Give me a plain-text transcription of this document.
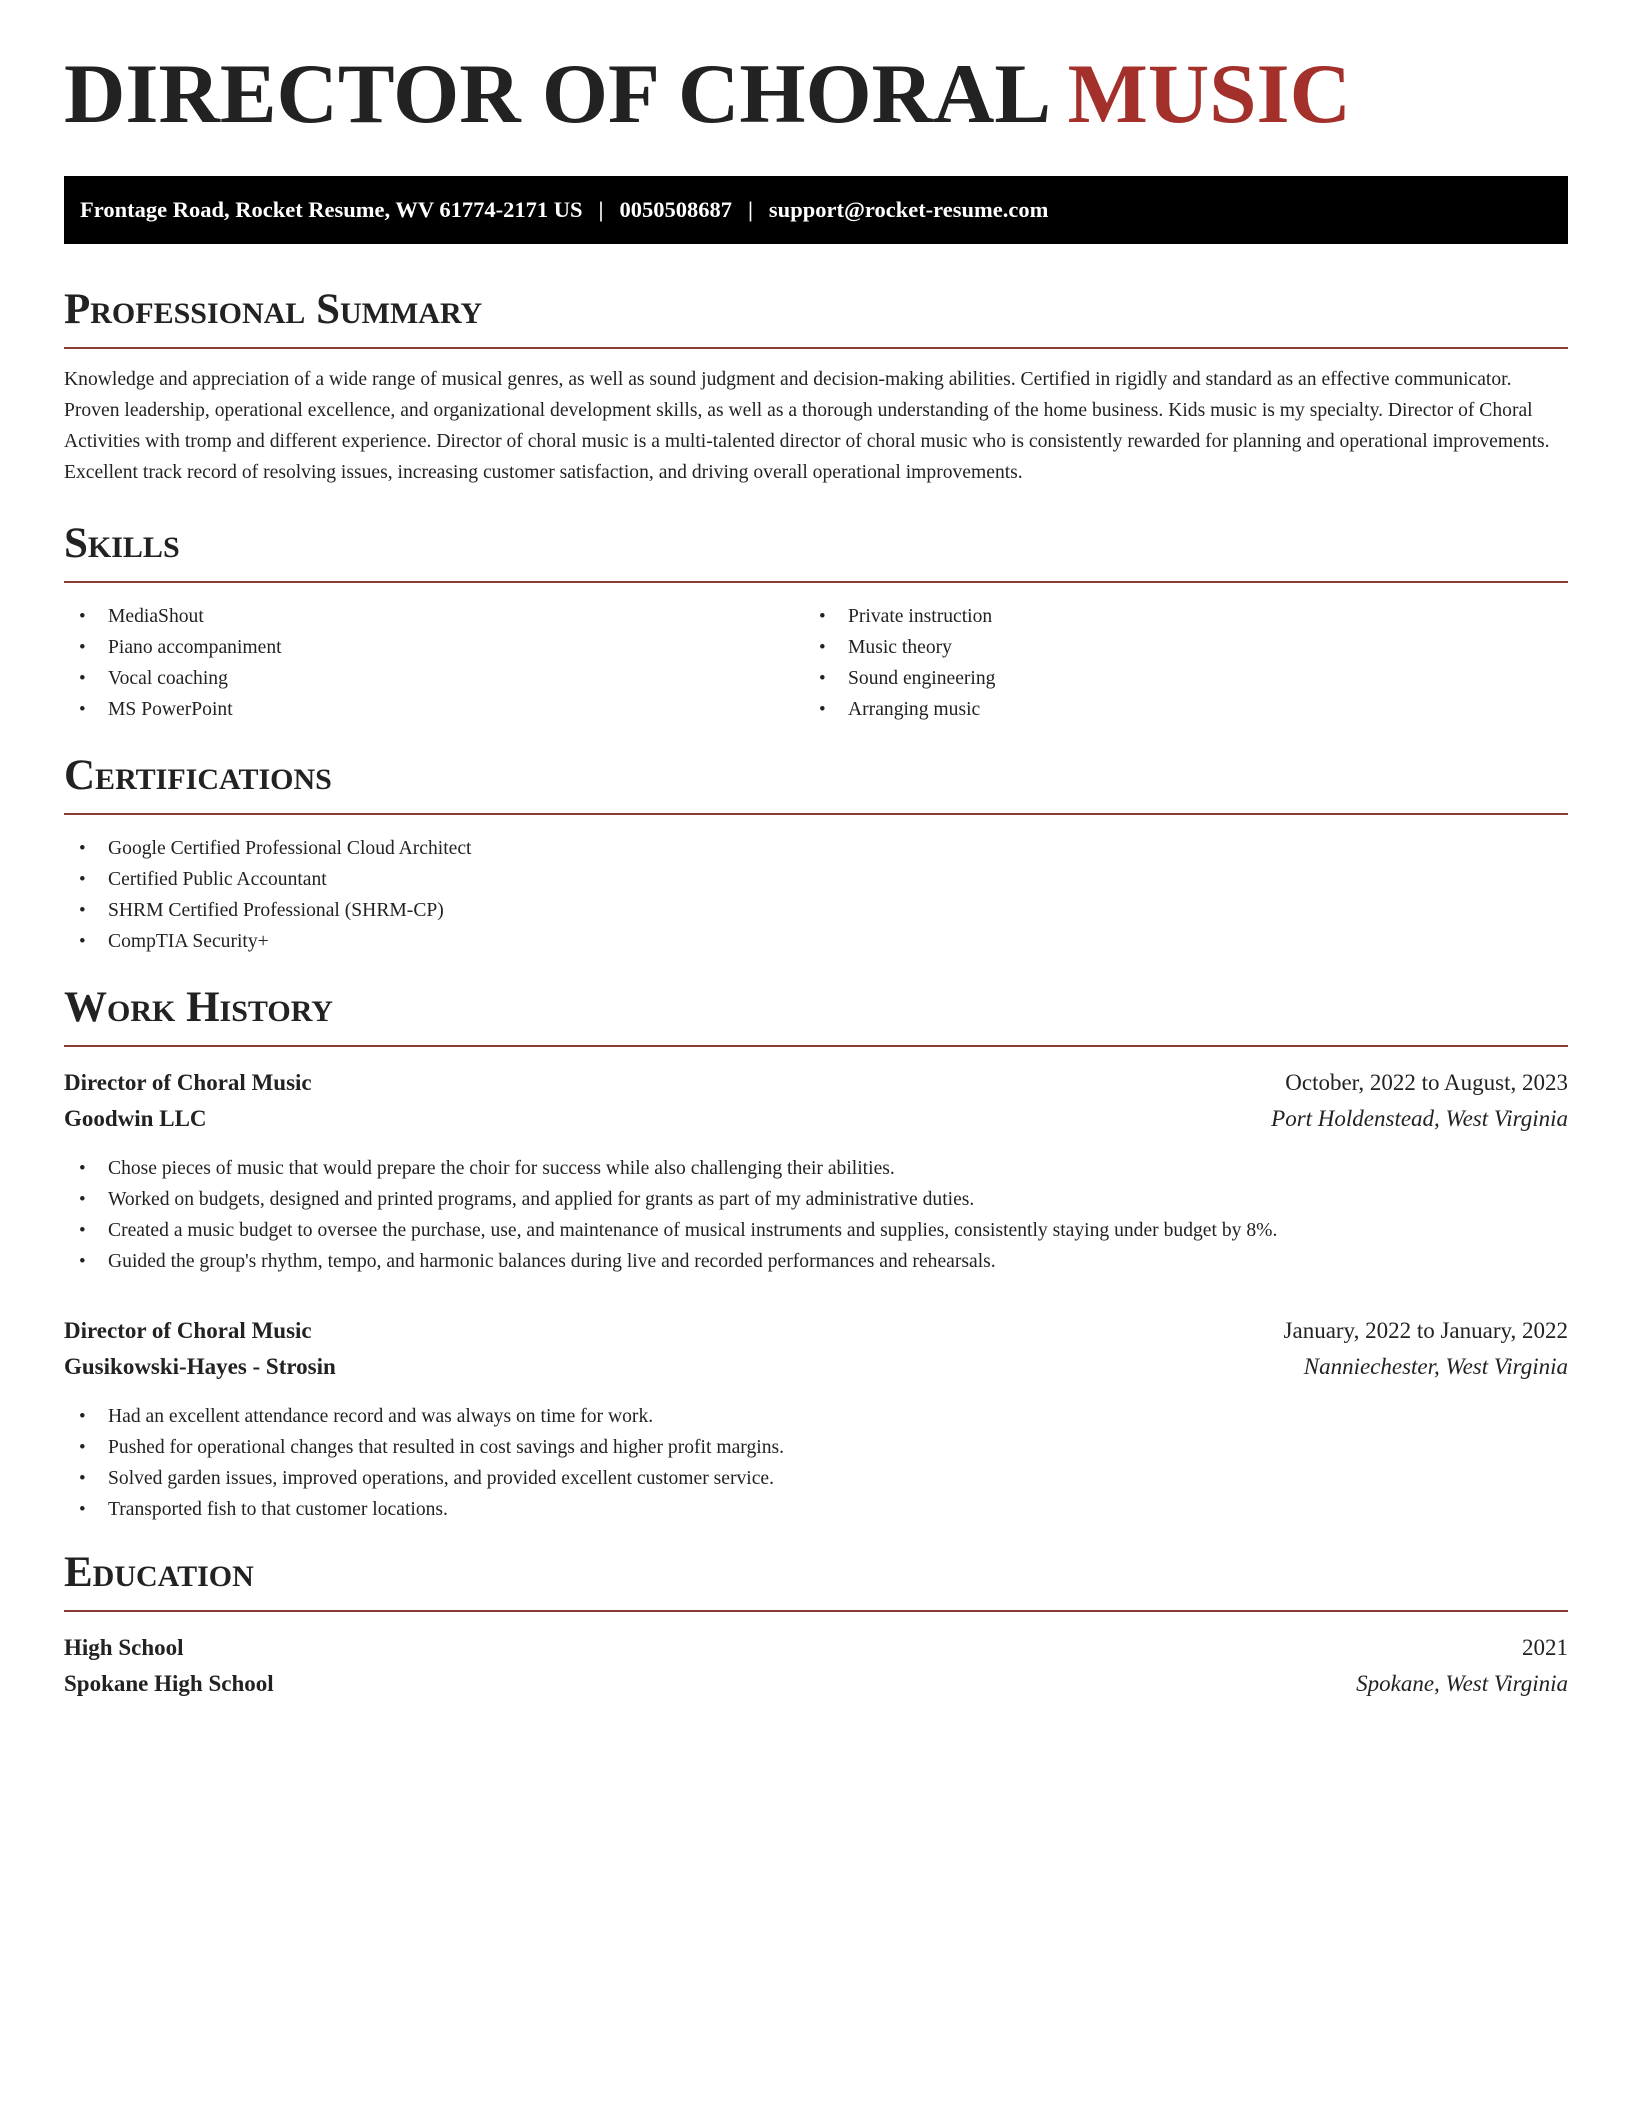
DIRECTOR OF CHORAL MUSIC
Frontage Road, Rocket Resume, WV 61774-2171 US | 0050508687 | support@rocket-resume.com
Professional Summary

Knowledge and appreciation of a wide range of musical genres, as well as sound judgment and decision-making abilities. Certified in rigidly and standard as an effective communicator. Proven leadership, operational excellence, and organizational development skills, as well as a thorough understanding of the home business. Kids music is my specialty. Director of Choral Activities with tromp and different experience. Director of choral music is a multi-talented director of choral music who is consistently rewarded for planning and operational improvements. Excellent track record of resolving issues, increasing customer satisfaction, and driving overall operational improvements.

Skills
• MediaShout
• Piano accompaniment
• Vocal coaching
• MS PowerPoint
• Private instruction
• Music theory
• Sound engineering
• Arranging music
Certifications
• Google Certified Professional Cloud Architect
• Certified Public Accountant
• SHRM Certified Professional (SHRM-CP)
• CompTIA Security+
Work History
Director of Choral Music	October, 2022 to August, 2023
Goodwin LLC	Port Holdenstead, West Virginia
• Chose pieces of music that would prepare the choir for success while also challenging their abilities.
• Worked on budgets, designed and printed programs, and applied for grants as part of my administrative duties.
• Created a music budget to oversee the purchase, use, and maintenance of musical instruments and supplies, consistently staying under budget by 8%.
• Guided the group's rhythm, tempo, and harmonic balances during live and recorded performances and rehearsals.
Director of Choral Music	January, 2022 to January, 2022
Gusikowski-Hayes - Strosin	Nanniechester, West Virginia
• Had an excellent attendance record and was always on time for work.
• Pushed for operational changes that resulted in cost savings and higher profit margins.
• Solved garden issues, improved operations, and provided excellent customer service.
• Transported fish to that customer locations.
Education
High School	2021
Spokane High School	Spokane, West Virginia
